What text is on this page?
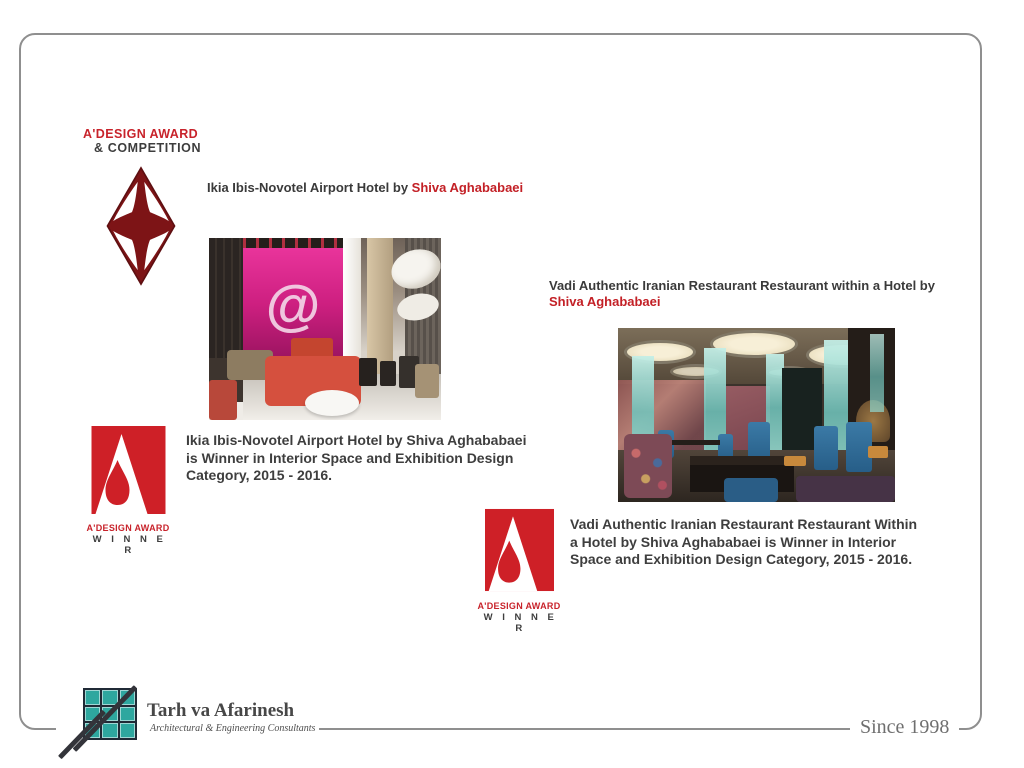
A'DESIGN AWARD
& COMPETITION
Ikia Ibis-Novotel Airport Hotel by Shiva Aghababaei
@	Vadi Authentic Iranian Restaurant Restaurant within a Hotel by
Shiva Aghababaei
A'DESIGN AWARD
W I N N E R
Ikia Ibis-Novotel Airport Hotel by Shiva Aghababaei
is Winner in Interior Space and Exhibition Design
Category, 2015 - 2016.
A'DESIGN AWARD
W I N N E R
Vadi Authentic Iranian Restaurant Restaurant Within
a Hotel by Shiva Aghababaei is Winner in Interior
Space and Exhibition Design Category, 2015 - 2016.
Tarh va Afarinesh
Architectural & Engineering Consultants	Since 1998
